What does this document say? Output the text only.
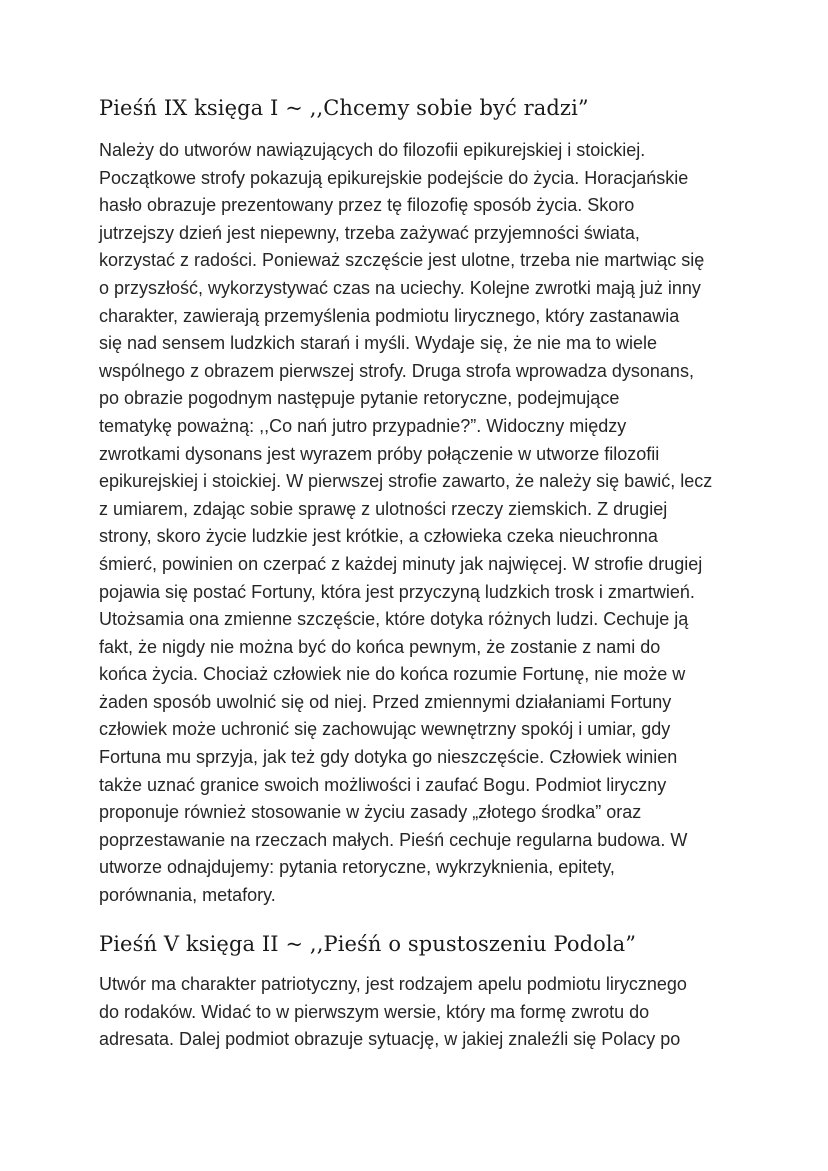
Pieśń IX księga I ~ ,,Chcemy sobie być radzi”
Należy do utworów nawiązujących do filozofii epikurejskiej i stoickiej.
Początkowe strofy pokazują epikurejskie podejście do życia. Horacjańskie
hasło obrazuje prezentowany przez tę filozofię sposób życia. Skoro
jutrzejszy dzień jest niepewny, trzeba zażywać przyjemności świata,
korzystać z radości. Ponieważ szczęście jest ulotne, trzeba nie martwiąc się
o przyszłość, wykorzystywać czas na uciechy. Kolejne zwrotki mają już inny
charakter, zawierają przemyślenia podmiotu lirycznego, który zastanawia
się nad sensem ludzkich starań i myśli. Wydaje się, że nie ma to wiele
wspólnego z obrazem pierwszej strofy. Druga strofa wprowadza dysonans,
po obrazie pogodnym następuje pytanie retoryczne, podejmujące
tematykę poważną: ,,Co nań jutro przypadnie?”. Widoczny między
zwrotkami dysonans jest wyrazem próby połączenie w utworze filozofii
epikurejskiej i stoickiej. W pierwszej strofie zawarto, że należy się bawić, lecz
z umiarem, zdając sobie sprawę z ulotności rzeczy ziemskich. Z drugiej
strony, skoro życie ludzkie jest krótkie, a człowieka czeka nieuchronna
śmierć, powinien on czerpać z każdej minuty jak najwięcej. W strofie drugiej
pojawia się postać Fortuny, która jest przyczyną ludzkich trosk i zmartwień.
Utożsamia ona zmienne szczęście, które dotyka różnych ludzi. Cechuje ją
fakt, że nigdy nie można być do końca pewnym, że zostanie z nami do
końca życia. Chociaż człowiek nie do końca rozumie Fortunę, nie może w
żaden sposób uwolnić się od niej. Przed zmiennymi działaniami Fortuny
człowiek może uchronić się zachowując wewnętrzny spokój i umiar, gdy
Fortuna mu sprzyja, jak też gdy dotyka go nieszczęście. Człowiek winien
także uznać granice swoich możliwości i zaufać Bogu. Podmiot liryczny
proponuje również stosowanie w życiu zasady „złotego środka” oraz
poprzestawanie na rzeczach małych. Pieśń cechuje regularna budowa. W
utworze odnajdujemy: pytania retoryczne, wykrzyknienia, epitety,
porównania, metafory.
Pieśń V księga II ~ ,,Pieśń o spustoszeniu Podola”
Utwór ma charakter patriotyczny, jest rodzajem apelu podmiotu lirycznego
do rodaków. Widać to w pierwszym wersie, który ma formę zwrotu do
adresata. Dalej podmiot obrazuje sytuację, w jakiej znaleźli się Polacy po
